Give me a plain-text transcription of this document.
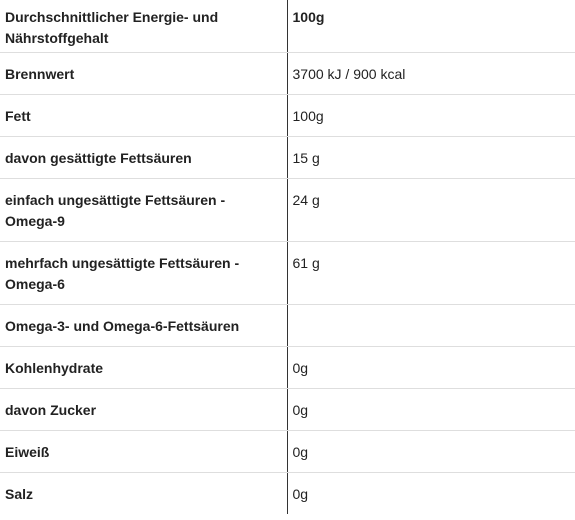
Durchschnittlicher Energie- und Nährstoffgehalt	100g
Brennwert	3700 kJ / 900 kcal
Fett	100g
davon gesättigte Fettsäuren	15 g
einfach ungesättigte Fettsäuren - Omega-9	24 g
mehrfach ungesättigte Fettsäuren - Omega-6	61 g
Omega-3- und Omega-6-Fettsäuren	
Kohlenhydrate	0g
davon Zucker	0g
Eiweiß	0g
Salz	0g
